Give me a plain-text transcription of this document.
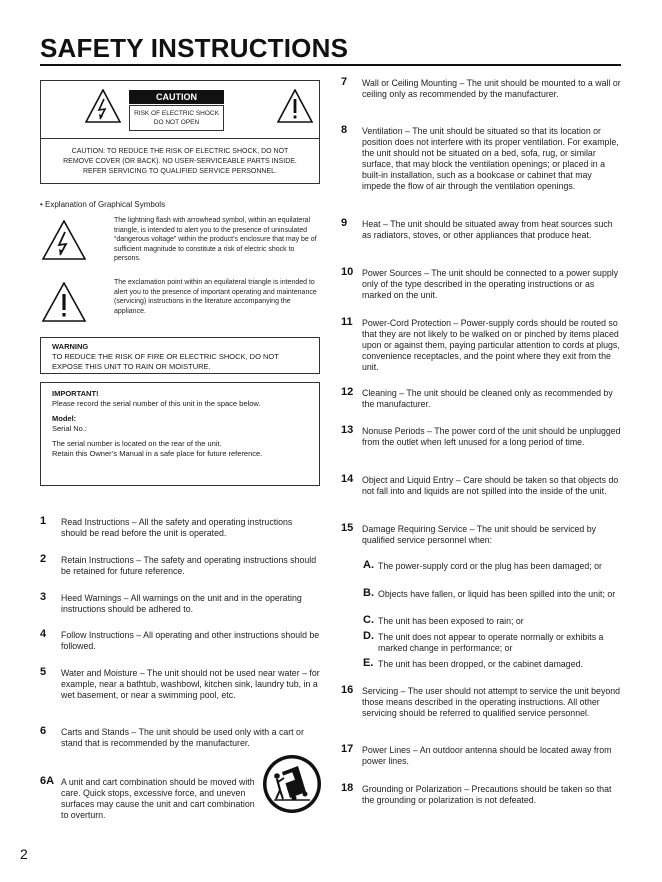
SAFETY INSTRUCTIONS
CAUTION
RISK OF ELECTRIC SHOCK
DO NOT OPEN
CAUTION: TO REDUCE THE RISK OF ELECTRIC SHOCK, DO NOT
REMOVE COVER (OR BACK). NO USER-SERVICEABLE PARTS INSIDE.
REFER SERVICING TO QUALIFIED SERVICE PERSONNEL.
• Explanation of Graphical Symbols
The lightning flash with arrowhead symbol, within an equilateral triangle, is intended to alert you to the presence of uninsulated “dangerous voltage” within the product’s enclosure that may be of sufficient magnitude to constitute a risk of electric shock to persons.
The exclamation point within an equilateral triangle is intended to alert you to the presence of important operating and maintenance (servicing) instructions in the literature accompanying the appliance.
WARNING
TO REDUCE THE RISK OF FIRE OR ELECTRIC SHOCK, DO NOT EXPOSE THIS UNIT TO RAIN OR MOISTURE.
IMPORTANT!
Please record the serial number of this unit in the space below.
Model:
Serial No.:
The serial number is located on the rear of the unit.
Retain this Owner’s Manual in a safe place for future reference.
1 Read Instructions – All the safety and operating instructions should be read before the unit is operated.
2 Retain Instructions – The safety and operating instructions should be retained for future reference.
3 Heed Warnings – All warnings on the unit and in the operating instructions should be adhered to.
4 Follow Instructions – All operating and other instructions should be followed.
5 Water and Moisture – The unit should not be used near water – for example, near a bathtub, washbowl, kitchen sink, laundry tub, in a wet basement, or near a swimming pool, etc.
6 Carts and Stands – The unit should be used only with a cart or stand that is recommended by the manufacturer.
6A A unit and cart combination should be moved with care. Quick stops, excessive force, and uneven surfaces may cause the unit and cart combination to overturn.
7 Wall or Ceiling Mounting – The unit should be mounted to a wall or ceiling only as recommended by the manufacturer.
8 Ventilation – The unit should be situated so that its location or position does not interfere with its proper ventilation. For example, the unit should not be situated on a bed, sofa, rug, or similar surface, that may block the ventilation openings; or placed in a built-in installation, such as a bookcase or cabinet that may impede the flow of air through the ventilation openings.
9 Heat – The unit should be situated away from heat sources such as radiators, stoves, or other appliances that produce heat.
10 Power Sources – The unit should be connected to a power supply only of the type described in the operating instructions or as marked on the unit.
11 Power-Cord Protection – Power-supply cords should be routed so that they are not likely to be walked on or pinched by items placed upon or against them, paying particular attention to cords at plugs, convenience receptacles, and the point where they exit from the unit.
12 Cleaning – The unit should be cleaned only as recommended by the manufacturer.
13 Nonuse Periods – The power cord of the unit should be unplugged from the outlet when left unused for a long period of time.
14 Object and Liquid Entry – Care should be taken so that objects do not fall into and liquids are not spilled into the inside of the unit.
15 Damage Requiring Service – The unit should be serviced by qualified service personnel when:
A. The power-supply cord or the plug has been damaged; or
B. Objects have fallen, or liquid has been spilled into the unit; or
C. The unit has been exposed to rain; or
D. The unit does not appear to operate normally or exhibits a marked change in performance; or
E. The unit has been dropped, or the cabinet damaged.
16 Servicing – The user should not attempt to service the unit beyond those means described in the operating instructions. All other servicing should be referred to qualified service personnel.
17 Power Lines – An outdoor antenna should be located away from power lines.
18 Grounding or Polarization – Precautions should be taken so that the grounding or polarization is not defeated.
2
